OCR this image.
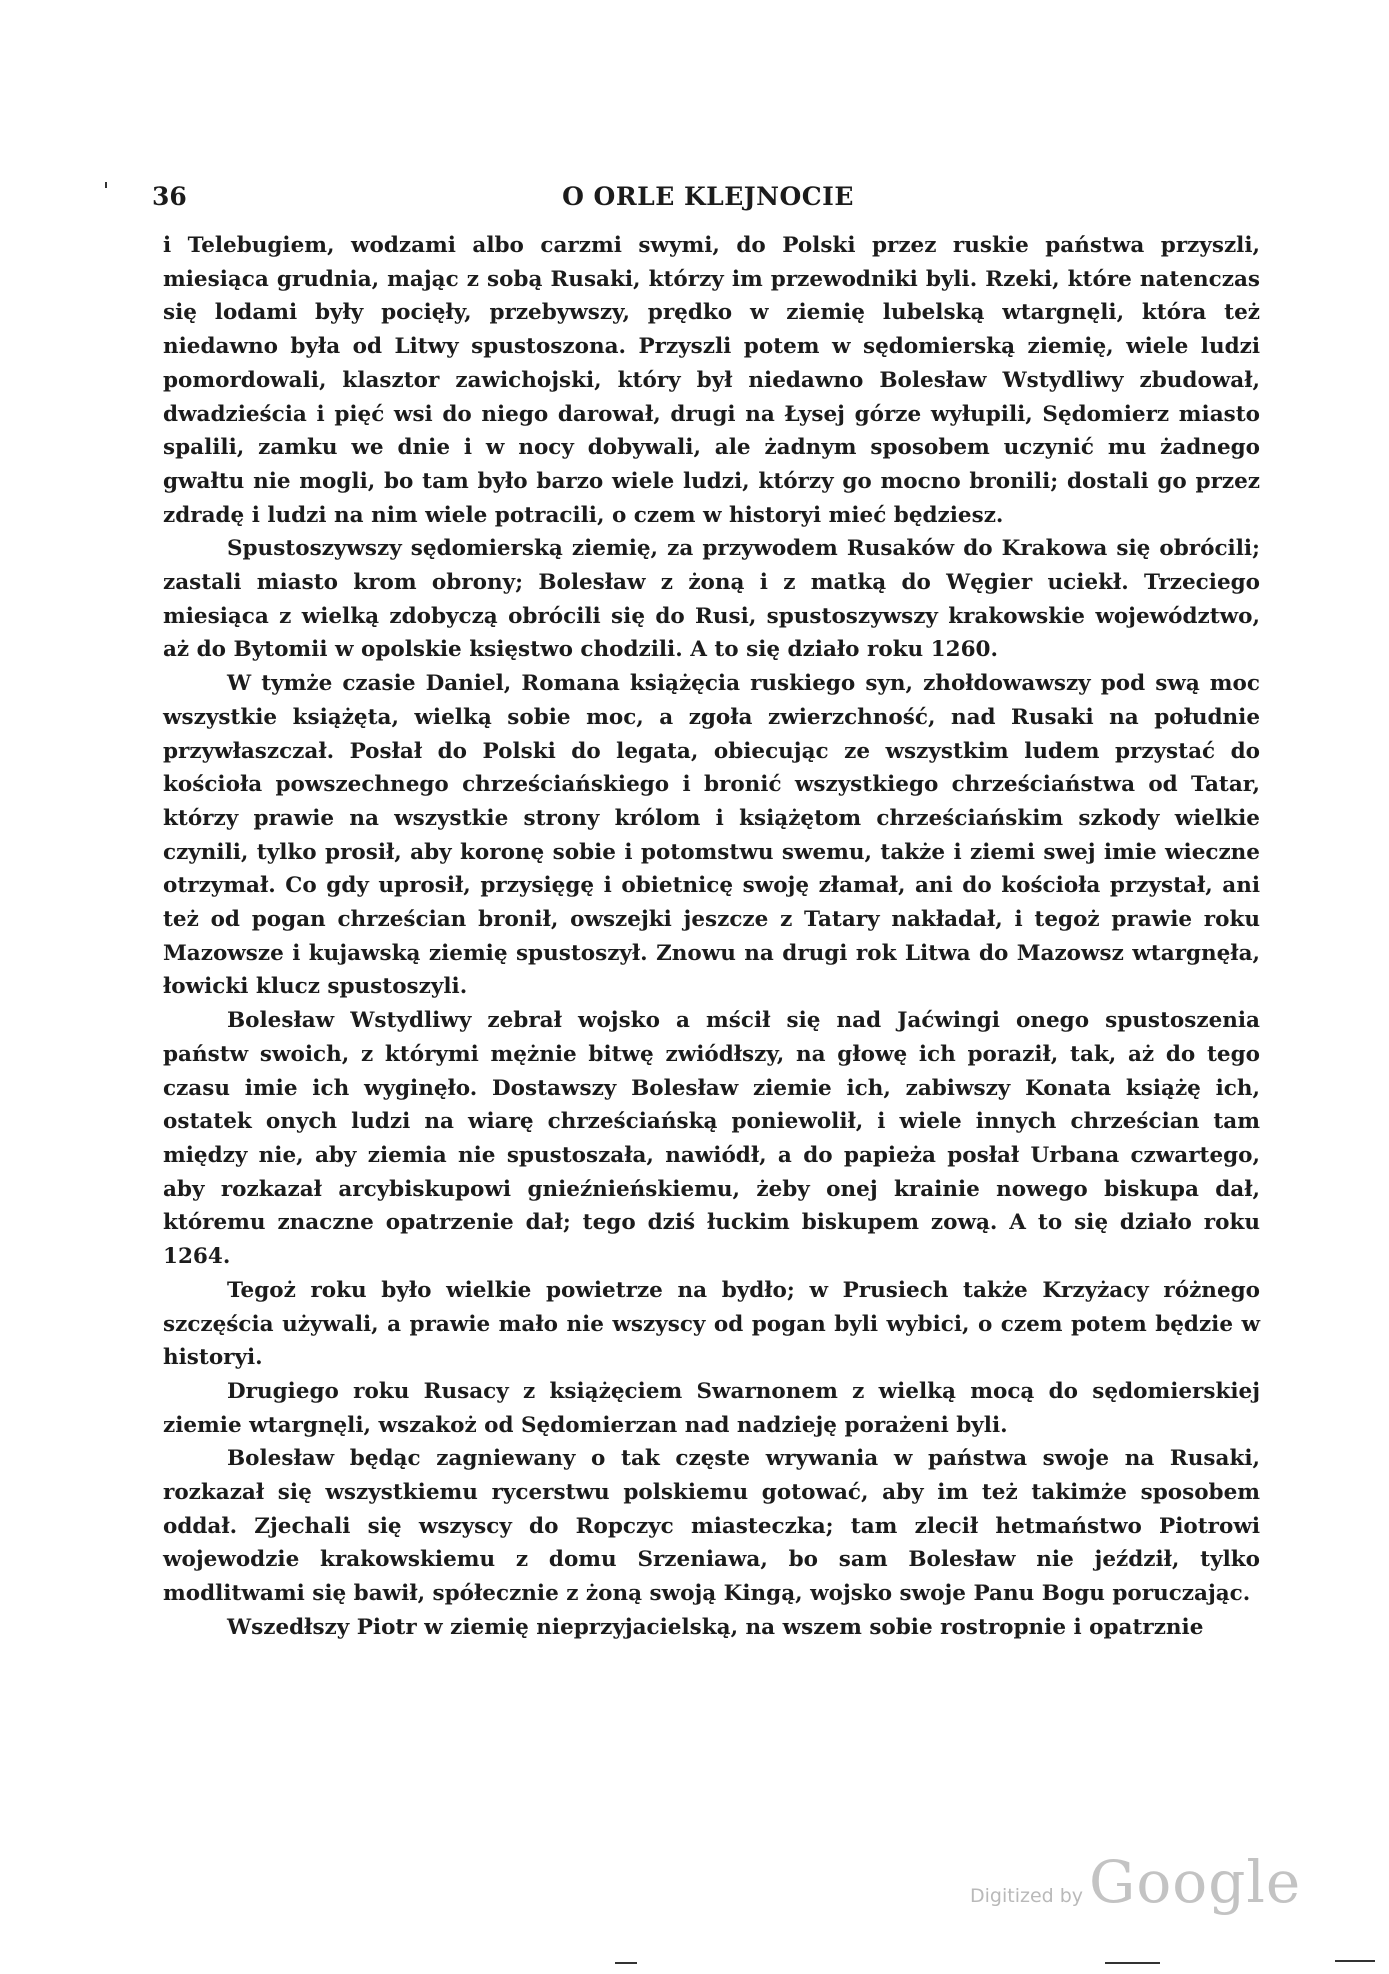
36	O ORLE KLEJNOCIE

i Telebugiem, wodzami albo carzmi swymi, do Polski przez ruskie państwa przyszli, miesiąca grudnia, mając z sobą Rusaki, którzy im przewodniki byli. Rzeki, które natenczas się lodami były pocięły, przebywszy, prędko w ziemię lubelską wtargnęli, która też niedawno była od Litwy spustoszona. Przyszli potem w sędomierską ziemię, wiele ludzi pomordowali, klasztor zawichojski, który był niedawno Bolesław Wstydliwy zbudował, dwadzieścia i pięć wsi do niego darował, drugi na Łysej górze wyłupili, Sędomierz miasto spalili, zamku we dnie i w nocy dobywali, ale żadnym sposobem uczynić mu żadnego gwałtu nie mogli, bo tam było barzo wiele ludzi, którzy go mocno bronili; dostali go przez zdradę i ludzi na nim wiele potracili, o czem w historyi mieć będziesz.

Spustoszywszy sędomierską ziemię, za przywodem Rusaków do Krakowa się obrócili; zastali miasto krom obrony; Bolesław z żoną i z matką do Węgier uciekł. Trzeciego miesiąca z wielką zdobyczą obrócili się do Rusi, spustoszywszy krakowskie województwo, aż do Bytomii w opolskie księstwo chodzili. A to się działo roku 1260.

W tymże czasie Daniel, Romana książęcia ruskiego syn, zhołdowawszy pod swą moc wszystkie książęta, wielką sobie moc, a zgoła zwierzchność, nad Rusaki na południe przywłaszczał. Posłał do Polski do legata, obiecując ze wszystkim ludem przystać do kościoła powszechnego chrześciańskiego i bronić wszystkiego chrześciaństwa od Tatar, którzy prawie na wszystkie strony królom i książętom chrześciańskim szkody wielkie czynili, tylko prosił, aby koronę sobie i potomstwu swemu, także i ziemi swej imie wieczne otrzymał. Co gdy uprosił, przysięgę i obietnicę swoję złamał, ani do kościoła przystał, ani też od pogan chrześcian bronił, owszejki jeszcze z Tatary nakładał, i tegoż prawie roku Mazowsze i kujawską ziemię spustoszył. Znowu na drugi rok Litwa do Mazowsz wtargnęła, łowicki klucz spustoszyli.

Bolesław Wstydliwy zebrał wojsko a mścił się nad Jaćwingi onego spustoszenia państw swoich, z którymi mężnie bitwę zwiódłszy, na głowę ich poraził, tak, aż do tego czasu imie ich wyginęło. Dostawszy Bolesław ziemie ich, zabiwszy Konata książę ich, ostatek onych ludzi na wiarę chrześciańską poniewolił, i wiele innych chrześcian tam między nie, aby ziemia nie spustoszała, nawiódł, a do papieża posłał Urbana czwartego, aby rozkazał arcybiskupowi gnieźnieńskiemu, żeby onej krainie nowego biskupa dał, któremu znaczne opatrzenie dał; tego dziś łuckim biskupem zową. A to się działo roku 1264.

Tegoż roku było wielkie powietrze na bydło; w Prusiech także Krzyżacy różnego szczęścia używali, a prawie mało nie wszyscy od pogan byli wybici, o czem potem będzie w historyi.

Drugiego roku Rusacy z książęciem Swarnonem z wielką mocą do sędomierskiej ziemie wtargnęli, wszakoż od Sędomierzan nad nadzieję porażeni byli.

Bolesław będąc zagniewany o tak częste wrywania w państwa swoje na Rusaki, rozkazał się wszystkiemu rycerstwu polskiemu gotować, aby im też takimże sposobem oddał. Zjechali się wszyscy do Ropczyc miasteczka; tam zlecił hetmaństwo Piotrowi wojewodzie krakowskiemu z domu Srzeniawa, bo sam Bolesław nie jeździł, tylko modlitwami się bawił, spółecznie z żoną swoją Kingą, wojsko swoje Panu Bogu poruczając.

Wszedłszy Piotr w ziemię nieprzyjacielską, na wszem sobie rostropnie i opatrznie

Digitized by Google
